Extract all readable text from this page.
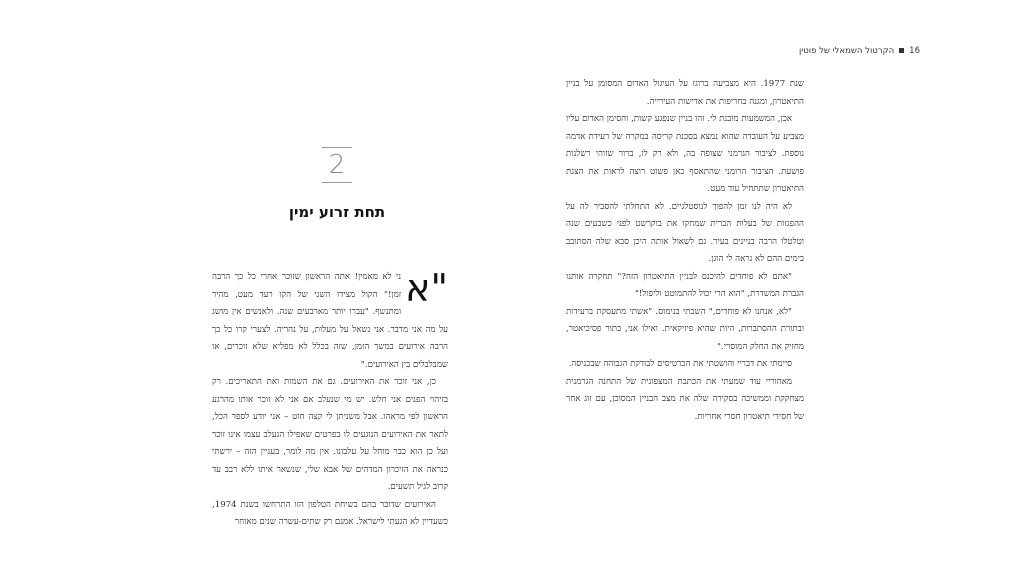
2
תחת זרוע ימין

"א
ני לא מאמין! אתה הראשון שזוכר אחרי כל כך הרבה זמן!" הקול מצידו השני של הקו רעד מעט, מהיר ומתנשף. "עברו יותר מארבעים שנה. ולאנשים אין מושג על מה אני מדבר. אני נשאל על מעלות, על נהריה. לצערי קרו כל כך הרבה אירועים במשך הזמן, שזה בכלל לא מפליא שלא זוכרים, או שמבלבלים בין האירועים."

כן, אני זוכר את האירועים. גם את השמות ואת התאריכים. רק בזיהוי הפנים אני חלש. יש מי שנעלב אם אני לא זוכר אותו מהרגע הראשון לפי מראהו. אבל משניתן לי קצה חוט – אני יודע לספר הכל, לתאר את האירועים הנוגעים לו בפרטים שאפילו הנעלב עצמו אינו זוכר ועל כן הוא כבר מוחל על עלבונו. אין מה לומר, בעניין הזה – ירשתי כנראה את הזיכרון המדהים של אבא שלי, שנשאר איתו ללא רבב עד קרוב לגיל תשעים.

האירועים שדובר בהם בשיחת הטלפון הזו התרחשו בשנת 1974, כשעדיין לא הגעתי לישראל. אמנם רק שתים-עשרה שנים מאוחר

16הקרטול השמאלי של פוטין

שנת 1977. היא מצביעה ברוגז על העיגול האדום המסומן על בניין התיאטרון, ומגנה בחריפות את אדישות העירייה.

אכן, המשמעות מובנת לי. זהו בניין שנפגע קשות, והסימן האדום עליו מצביע על העובדה שהוא נמצא בסכנת קריסה במקרה של רעידת אדמה נוספת. לציבור הגרמני שצופה בה, ולא רק לו, ברור שזוהי רשלנות פושעת. הציבור הרומני שהתאסף כאן פשוט רוצה לראות את הצגת התיאטרון שתתחיל עוד מעט.

לא היה לנו זמן להפוך לנוסטלגיים. לא התחלתי להסביר לה על ההפגזות של בעלות הברית שמחקו את בוקרשט לפני כשבעים שנה וטלטלו הרבה בניינים בעיר. גם לשאול אותה היכן סבא שלה הסתובב בימים ההם לא נראה לי הוגן.

"אתם לא פוחדים להיכנס לבניין התיאטרון הזה?" תחקרה אותנו הגברת המשדרת, "הוא הרי יכול להתמוטט וליפול!"

"לא, אנחנו לא פוחדים," השבתי בנימוס. "אשתי מתעסקת ברעידות ובתורת ההסתברות, היות שהיא פיזיקאית. ואילו אני, בתור פסיכיאטר, מחזיק את החלק המוסרי."

סיימתי את דבריי והושטתי את הכרטיסים לבודקת הגבוהה שבכניסה.

מאחוריי עוד שמעתי את הכתבת המצפונית של התחנה הגרמנית מצחקקת וממשיכה בסקירה שלה את מצב הבניין המסוכן, עם זוג אחר של חסידי תיאטרון חסרי אחריות.
